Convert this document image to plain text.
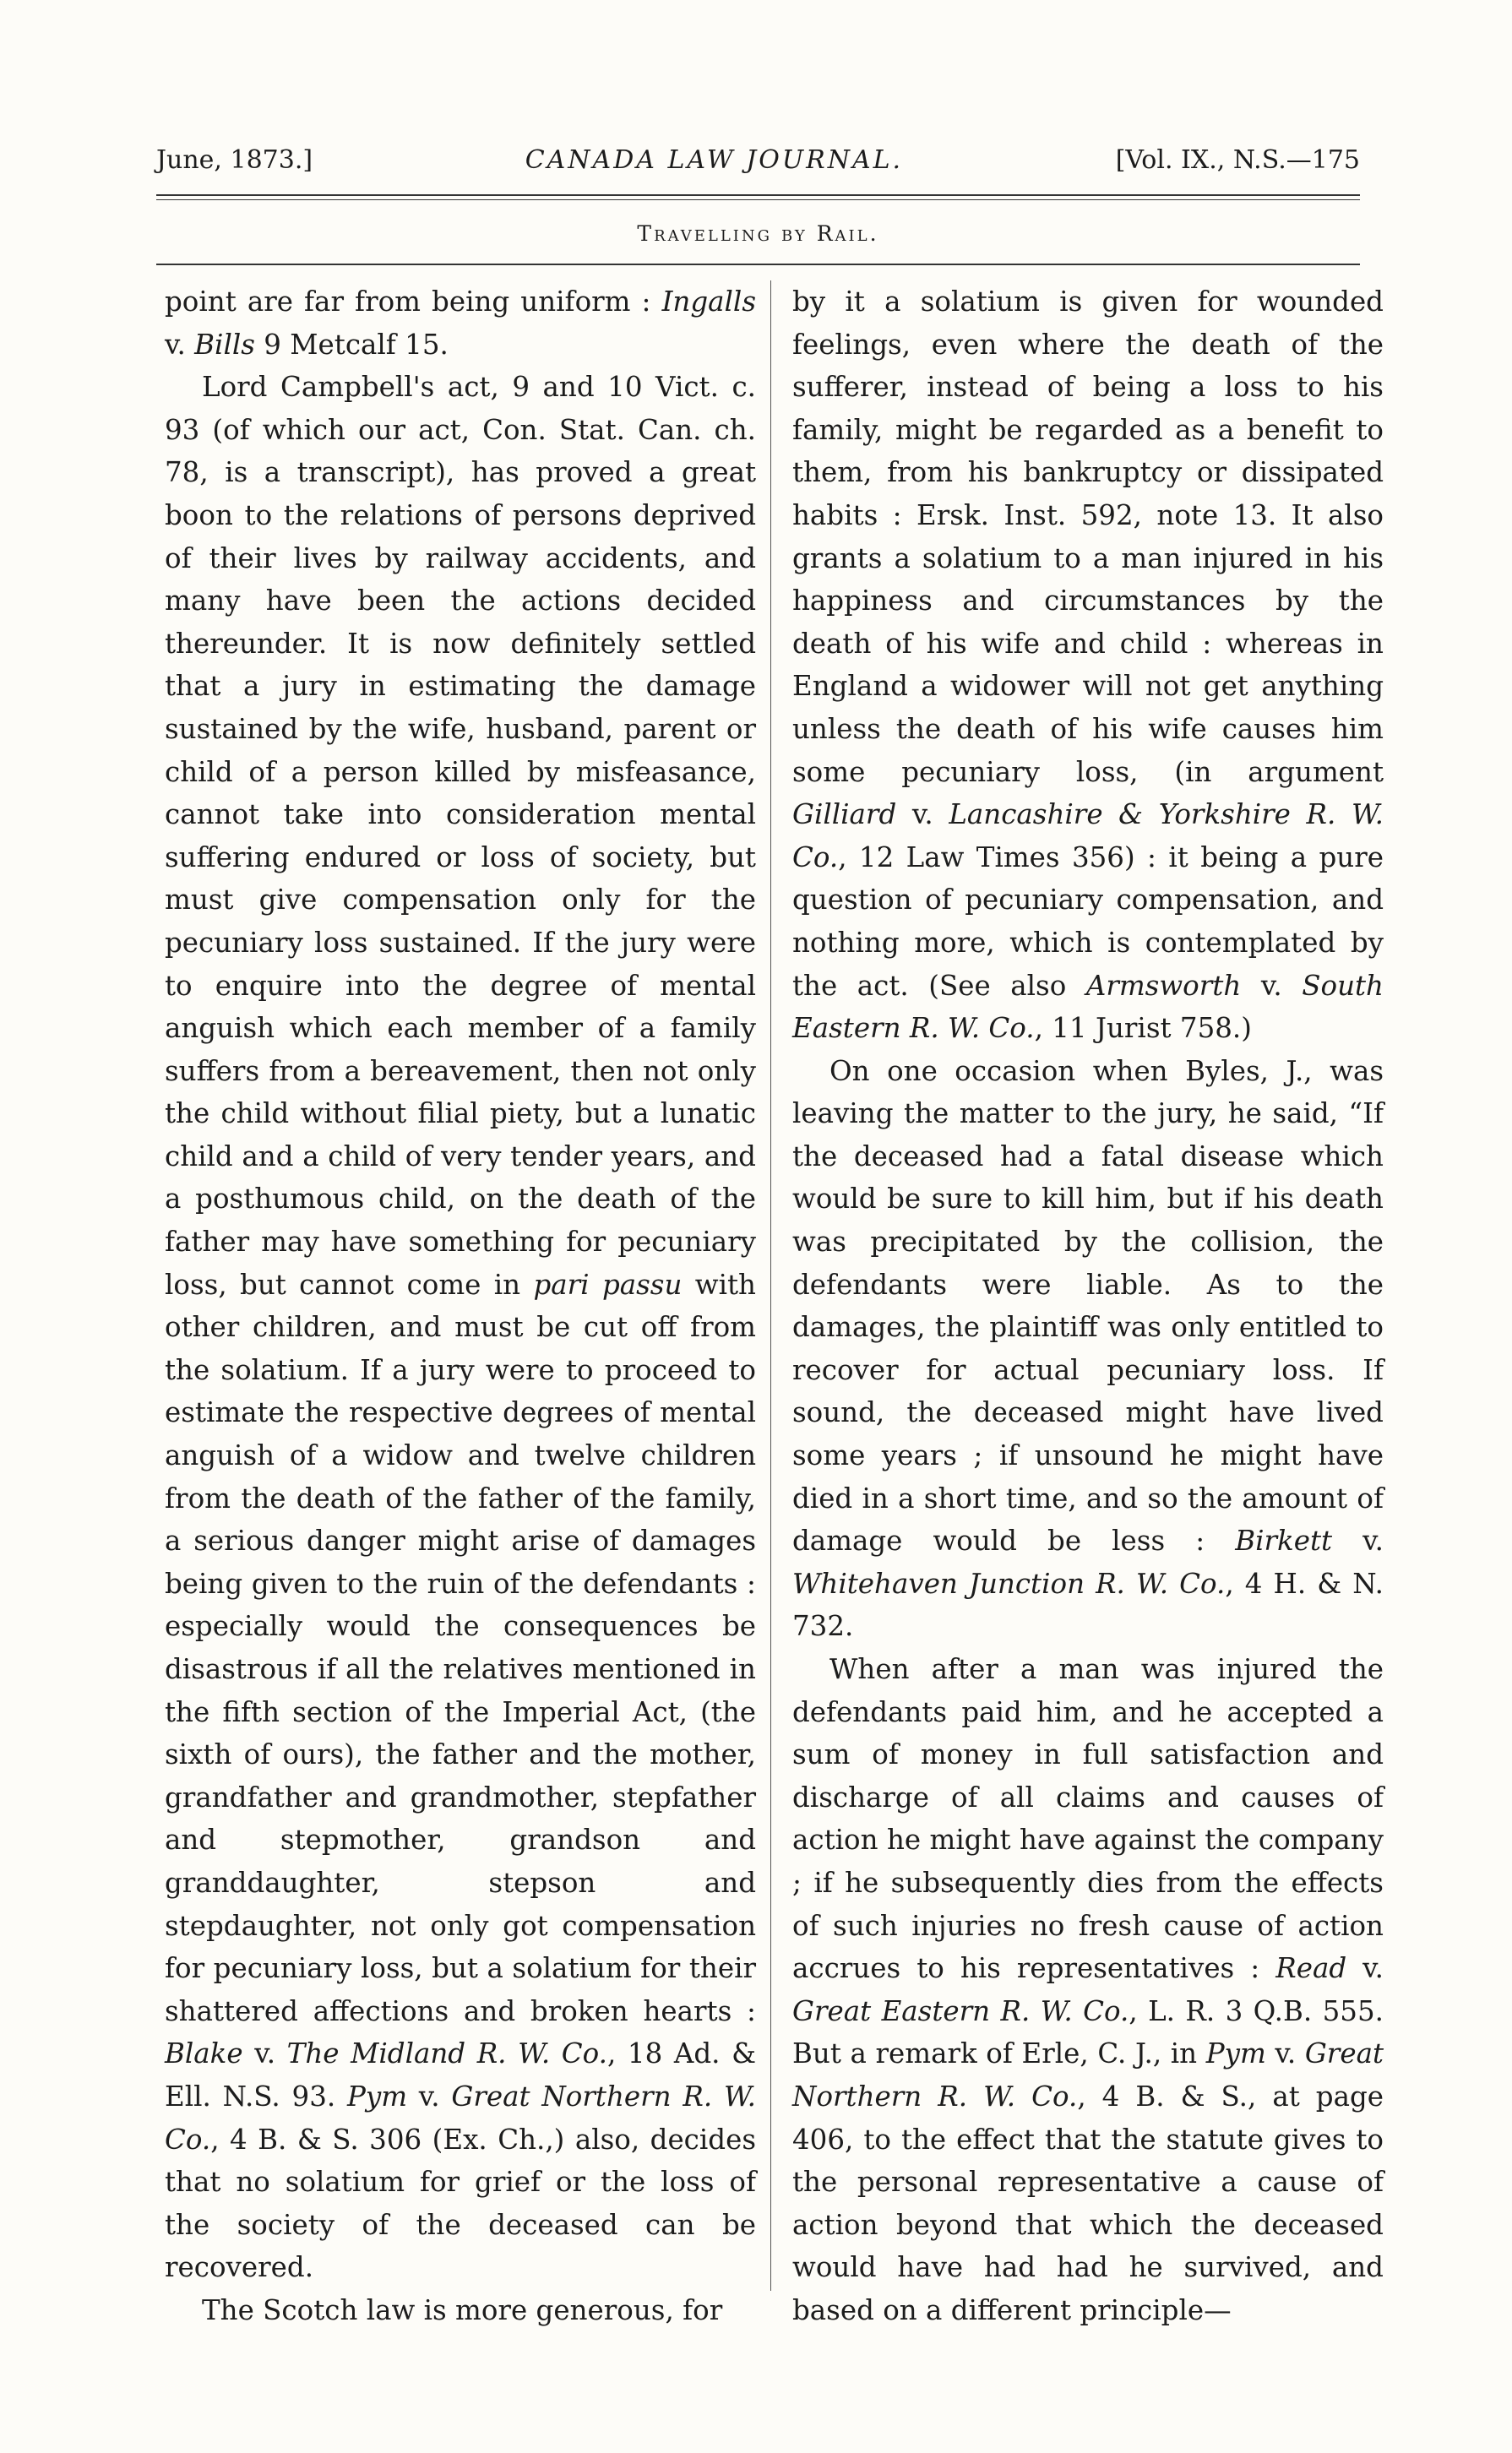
June, 1873.]	CANADA LAW JOURNAL.	[Vol. IX., N.S.—175
Travelling by Rail.

point are far from being uniform : Ingalls v. Bills 9 Metcalf 15.

Lord Campbell's act, 9 and 10 Vict. c. 93 (of which our act, Con. Stat. Can. ch. 78, is a transcript), has proved a great boon to the relations of persons deprived of their lives by railway accidents, and many have been the actions decided thereunder. It is now definitely settled that a jury in estimating the damage sustained by the wife, husband, parent or child of a person killed by misfeasance, cannot take into consideration mental suffering endured or loss of society, but must give compensation only for the pecuniary loss sustained. If the jury were to enquire into the degree of mental anguish which each member of a family suffers from a bereavement, then not only the child without filial piety, but a lunatic child and a child of very tender years, and a posthumous child, on the death of the father may have something for pecuniary loss, but cannot come in pari passu with other children, and must be cut off from the solatium. If a jury were to proceed to estimate the respective degrees of mental anguish of a widow and twelve children from the death of the father of the family, a serious danger might arise of damages being given to the ruin of the defendants : especially would the consequences be disastrous if all the relatives mentioned in the fifth section of the Imperial Act, (the sixth of ours), the father and the mother, grandfather and grandmother, stepfather and stepmother, grandson and granddaughter, stepson and stepdaughter, not only got compensation for pecuniary loss, but a solatium for their shattered affections and broken hearts : Blake v. The Midland R. W. Co., 18 Ad. & Ell. N.S. 93. Pym v. Great Northern R. W. Co., 4 B. & S. 306 (Ex. Ch.,) also, decides that no solatium for grief or the loss of the society of the deceased can be recovered.

The Scotch law is more generous, for

by it a solatium is given for wounded feelings, even where the death of the sufferer, instead of being a loss to his family, might be regarded as a benefit to them, from his bankruptcy or dissipated habits : Ersk. Inst. 592, note 13. It also grants a solatium to a man injured in his happiness and circumstances by the death of his wife and child : whereas in England a widower will not get anything unless the death of his wife causes him some pecuniary loss, (in argument Gilliard v. Lancashire & Yorkshire R. W. Co., 12 Law Times 356) : it being a pure question of pecuniary compensation, and nothing more, which is contemplated by the act. (See also Armsworth v. South Eastern R. W. Co., 11 Jurist 758.)

On one occasion when Byles, J., was leaving the matter to the jury, he said, “If the deceased had a fatal disease which would be sure to kill him, but if his death was precipitated by the collision, the defendants were liable. As to the damages, the plaintiff was only entitled to recover for actual pecuniary loss. If sound, the deceased might have lived some years ; if unsound he might have died in a short time, and so the amount of damage would be less : Birkett v. Whitehaven Junction R. W. Co., 4 H. & N. 732.

When after a man was injured the defendants paid him, and he accepted a sum of money in full satisfaction and discharge of all claims and causes of action he might have against the company ; if he subsequently dies from the effects of such injuries no fresh cause of action accrues to his representatives : Read v. Great Eastern R. W. Co., L. R. 3 Q.B. 555. But a remark of Erle, C. J., in Pym v. Great Northern R. W. Co., 4 B. & S., at page 406, to the effect that the statute gives to the personal representative a cause of action beyond that which the deceased would have had had he survived, and based on a different principle—
